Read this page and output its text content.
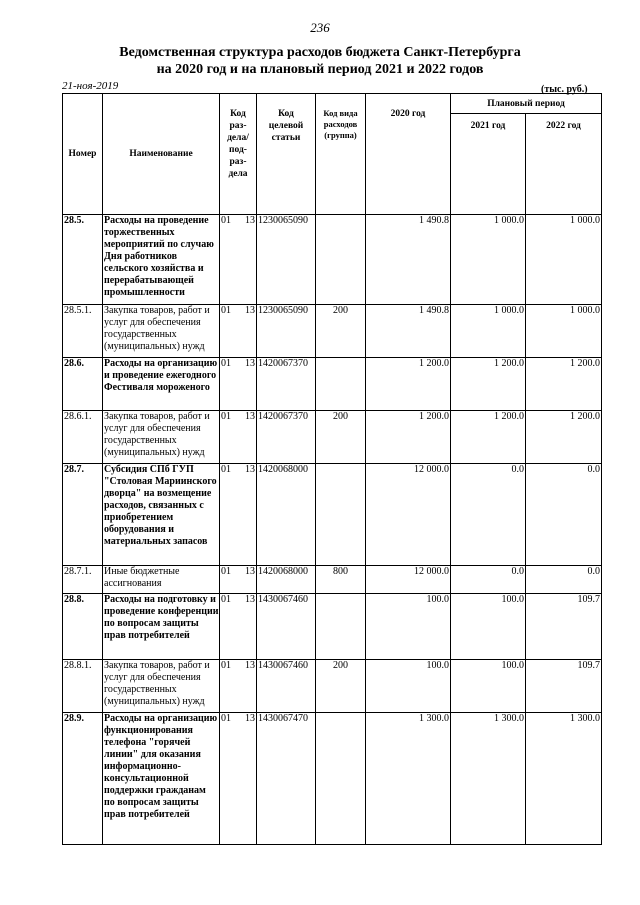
236
Ведомственная структура расходов бюджета Санкт-Петербурга
на 2020 год и на плановый период 2021 и 2022 годов
21-ноя-2019	(тыс. руб.)
Номер	Наименование	Код раз- дела/ под- раз- дела		Код целевой статьи	Код вида расходов (группа)	2020 год	Плановый период	
							2021 год	2022 год
28.5.	Расходы на проведение торжественных мероприятий по случаю Дня работников сельского хозяйства и перерабатывающей промышленности	01	13	1230065090		1 490.8	1 000.0	1 000.0
28.5.1.	Закупка товаров, работ и услуг для обеспечения государственных (муниципальных) нужд	01	13	1230065090	200	1 490.8	1 000.0	1 000.0
28.6.	Расходы на организацию и проведение ежегодного Фестиваля мороженого	01	13	1420067370		1 200.0	1 200.0	1 200.0
28.6.1.	Закупка товаров, работ и услуг для обеспечения государственных (муниципальных) нужд	01	13	1420067370	200	1 200.0	1 200.0	1 200.0
28.7.	Субсидия СПб ГУП "Столовая Мариинского дворца" на возмещение расходов, связанных с приобретением оборудования и материальных запасов	01	13	1420068000		12 000.0	0.0	0.0
28.7.1.	Иные бюджетные ассигнования	01	13	1420068000	800	12 000.0	0.0	0.0
28.8.	Расходы на подготовку и проведение конференции по вопросам защиты прав потребителей	01	13	1430067460		100.0	100.0	109.7
28.8.1.	Закупка товаров, работ и услуг для обеспечения государственных (муниципальных) нужд	01	13	1430067460	200	100.0	100.0	109.7
28.9.	Расходы на организацию функционирования телефона "горячей линии" для оказания информационно-консультационной поддержки гражданам по вопросам защиты прав потребителей	01	13	1430067470		1 300.0	1 300.0	1 300.0
